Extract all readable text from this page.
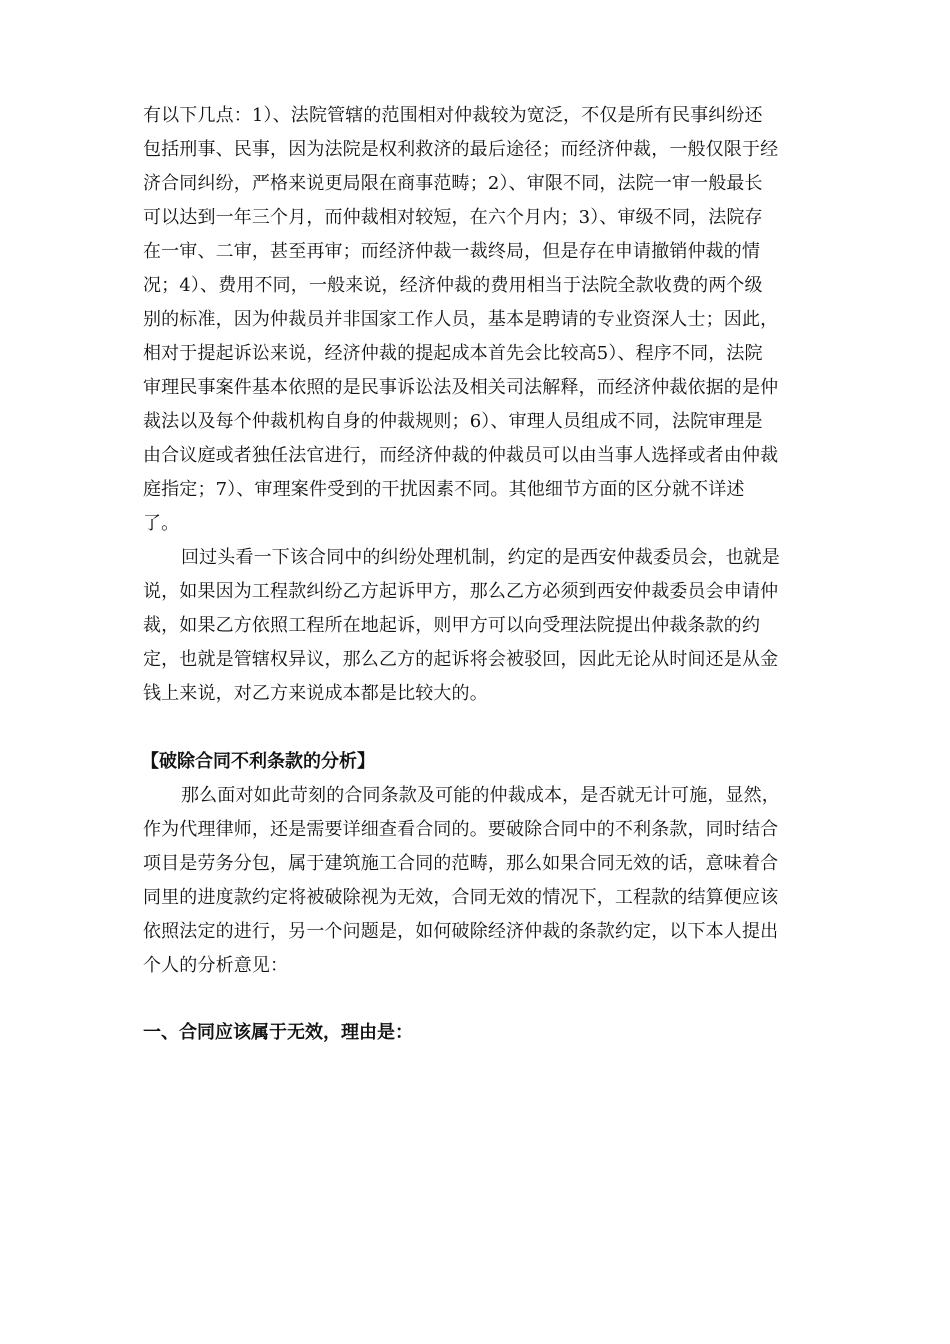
有以下几点：1）、法院管辖的范围相对仲裁较为宽泛，不仅是所有民事纠纷还
包括刑事、民事，因为法院是权利救济的最后途径；而经济仲裁，一般仅限于经
济合同纠纷，严格来说更局限在商事范畴；2）、审限不同，法院一审一般最长
可以达到一年三个月，而仲裁相对较短，在六个月内；3）、审级不同，法院存
在一审、二审，甚至再审；而经济仲裁一裁终局，但是存在申请撤销仲裁的情
况；4）、费用不同，一般来说，经济仲裁的费用相当于法院全款收费的两个级
别的标准，因为仲裁员并非国家工作人员，基本是聘请的专业资深人士；因此，
相对于提起诉讼来说，经济仲裁的提起成本首先会比较高5）、程序不同，法院
审理民事案件基本依照的是民事诉讼法及相关司法解释，而经济仲裁依据的是仲
裁法以及每个仲裁机构自身的仲裁规则；6）、审理人员组成不同，法院审理是
由合议庭或者独任法官进行，而经济仲裁的仲裁员可以由当事人选择或者由仲裁
庭指定；7）、审理案件受到的干扰因素不同。其他细节方面的区分就不详述
了。
回过头看一下该合同中的纠纷处理机制，约定的是西安仲裁委员会，也就是
说，如果因为工程款纠纷乙方起诉甲方，那么乙方必须到西安仲裁委员会申请仲
裁，如果乙方依照工程所在地起诉，则甲方可以向受理法院提出仲裁条款的约
定，也就是管辖权异议，那么乙方的起诉将会被驳回，因此无论从时间还是从金
钱上来说，对乙方来说成本都是比较大的。
【破除合同不利条款的分析】
那么面对如此苛刻的合同条款及可能的仲裁成本，是否就无计可施，显然，
作为代理律师，还是需要详细查看合同的。要破除合同中的不利条款，同时结合
项目是劳务分包，属于建筑施工合同的范畴，那么如果合同无效的话，意味着合
同里的进度款约定将被破除视为无效，合同无效的情况下，工程款的结算便应该
依照法定的进行，另一个问题是，如何破除经济仲裁的条款约定，以下本人提出
个人的分析意见：
一、合同应该属于无效，理由是：
